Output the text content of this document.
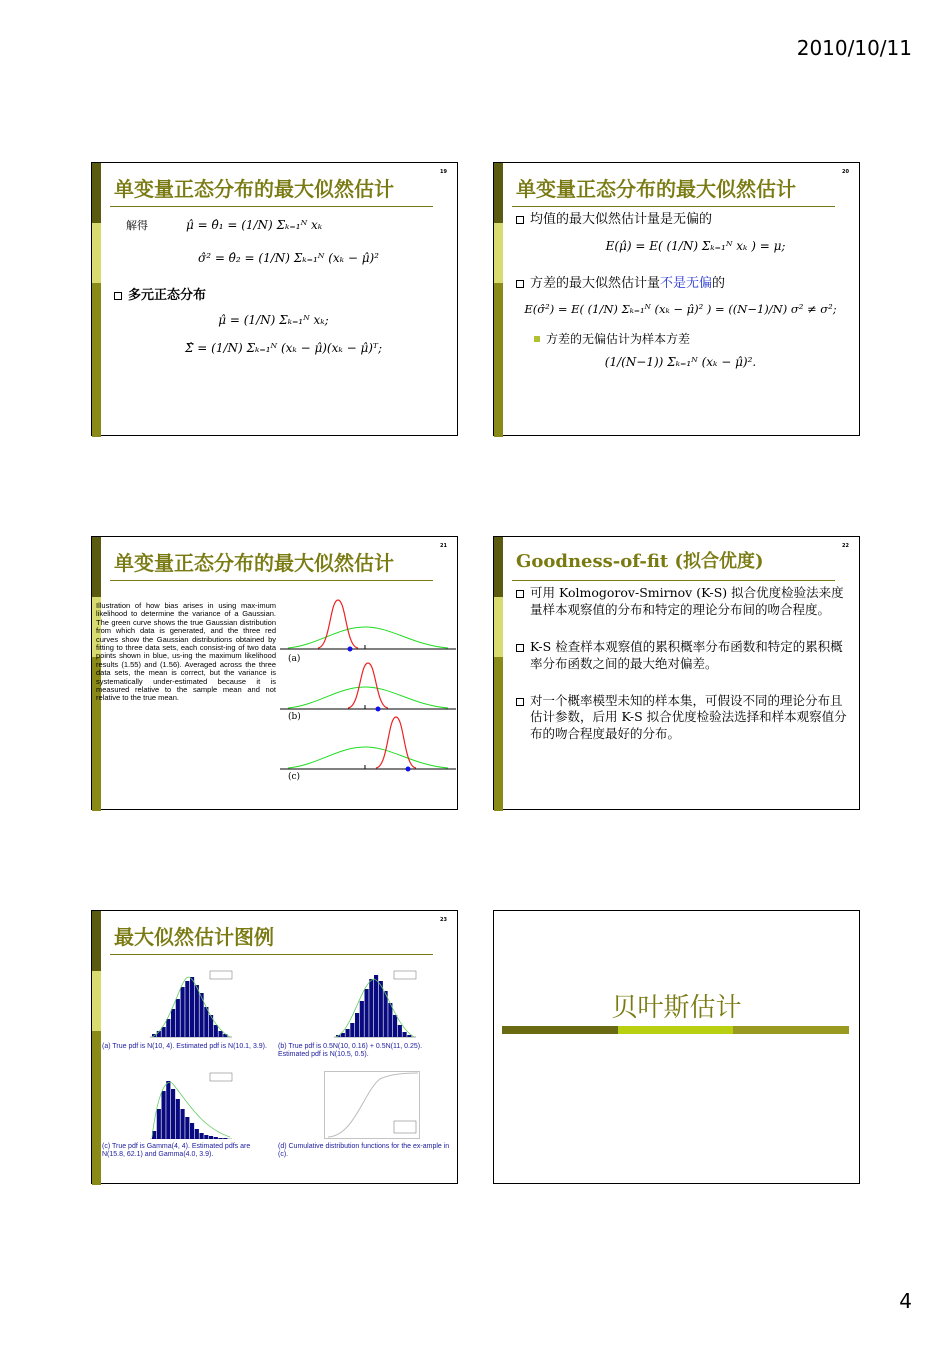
2010/10/11
19
单变量正态分布的最大似然估计
解得	μ̂ = θ̂₁ = (1/N) Σₖ₌₁ᴺ xₖ
σ̂² = θ̂₂ = (1/N) Σₖ₌₁ᴺ (xₖ − μ̂)²
多元正态分布
μ̂ = (1/N) Σₖ₌₁ᴺ xₖ;
Σ̂ = (1/N) Σₖ₌₁ᴺ (xₖ − μ̂)(xₖ − μ̂)ᵀ;
20
单变量正态分布的最大似然估计
均值的最大似然估计量是无偏的
E(μ̂) = E( (1/N) Σₖ₌₁ᴺ xₖ ) = μ;
方差的最大似然估计量不是无偏的
E(σ̂²) = E( (1/N) Σₖ₌₁ᴺ (xₖ − μ̂)² ) = ((N−1)/N) σ² ≠ σ²;
方差的无偏估计为样本方差
(1/(N−1)) Σₖ₌₁ᴺ (xₖ − μ̂)².
21
单变量正态分布的最大似然估计
Illustration of how bias arises in using max-imum likelihood to determine the variance of a Gaussian. The green curve shows the true Gaussian distribution from which data is generated, and the three red curves show the Gaussian distributions obtained by fitting to three data sets, each consist-ing of two data points shown in blue, us-ing the maximum likelihood results (1.55) and (1.56). Averaged across the three data sets, the mean is correct, but the variance is systematically under-estimated because it is measured relative to the sample mean and not relative to the true mean.
(a)
(b)
(c)
22
Goodness-of-fit (拟合优度)
可用 Kolmogorov-Smirnov (K-S) 拟合优度检验法来度量样本观察值的分布和特定的理论分布间的吻合程度。
K-S 检查样本观察值的累积概率分布函数和特定的累积概率分布函数之间的最大绝对偏差。
对一个概率模型未知的样本集，可假设不同的理论分布且估计参数，后用 K-S 拟合优度检验法选择和样本观察值分布的吻合程度最好的分布。
23
最大似然估计图例
(a) True pdf is N(10, 4). Estimated pdf is N(10.1, 3.9). (b) True pdf is 0.5N(10, 0.16) + 0.5N(11, 0.25). Estimated pdf is N(10.5, 0.5).
(c) True pdf is Gamma(4, 4). Estimated pdfs are N(15.8, 62.1) and Gamma(4.0, 3.9).
(d) Cumulative distribution functions for the ex-ample in (c).
贝叶斯估计
4
